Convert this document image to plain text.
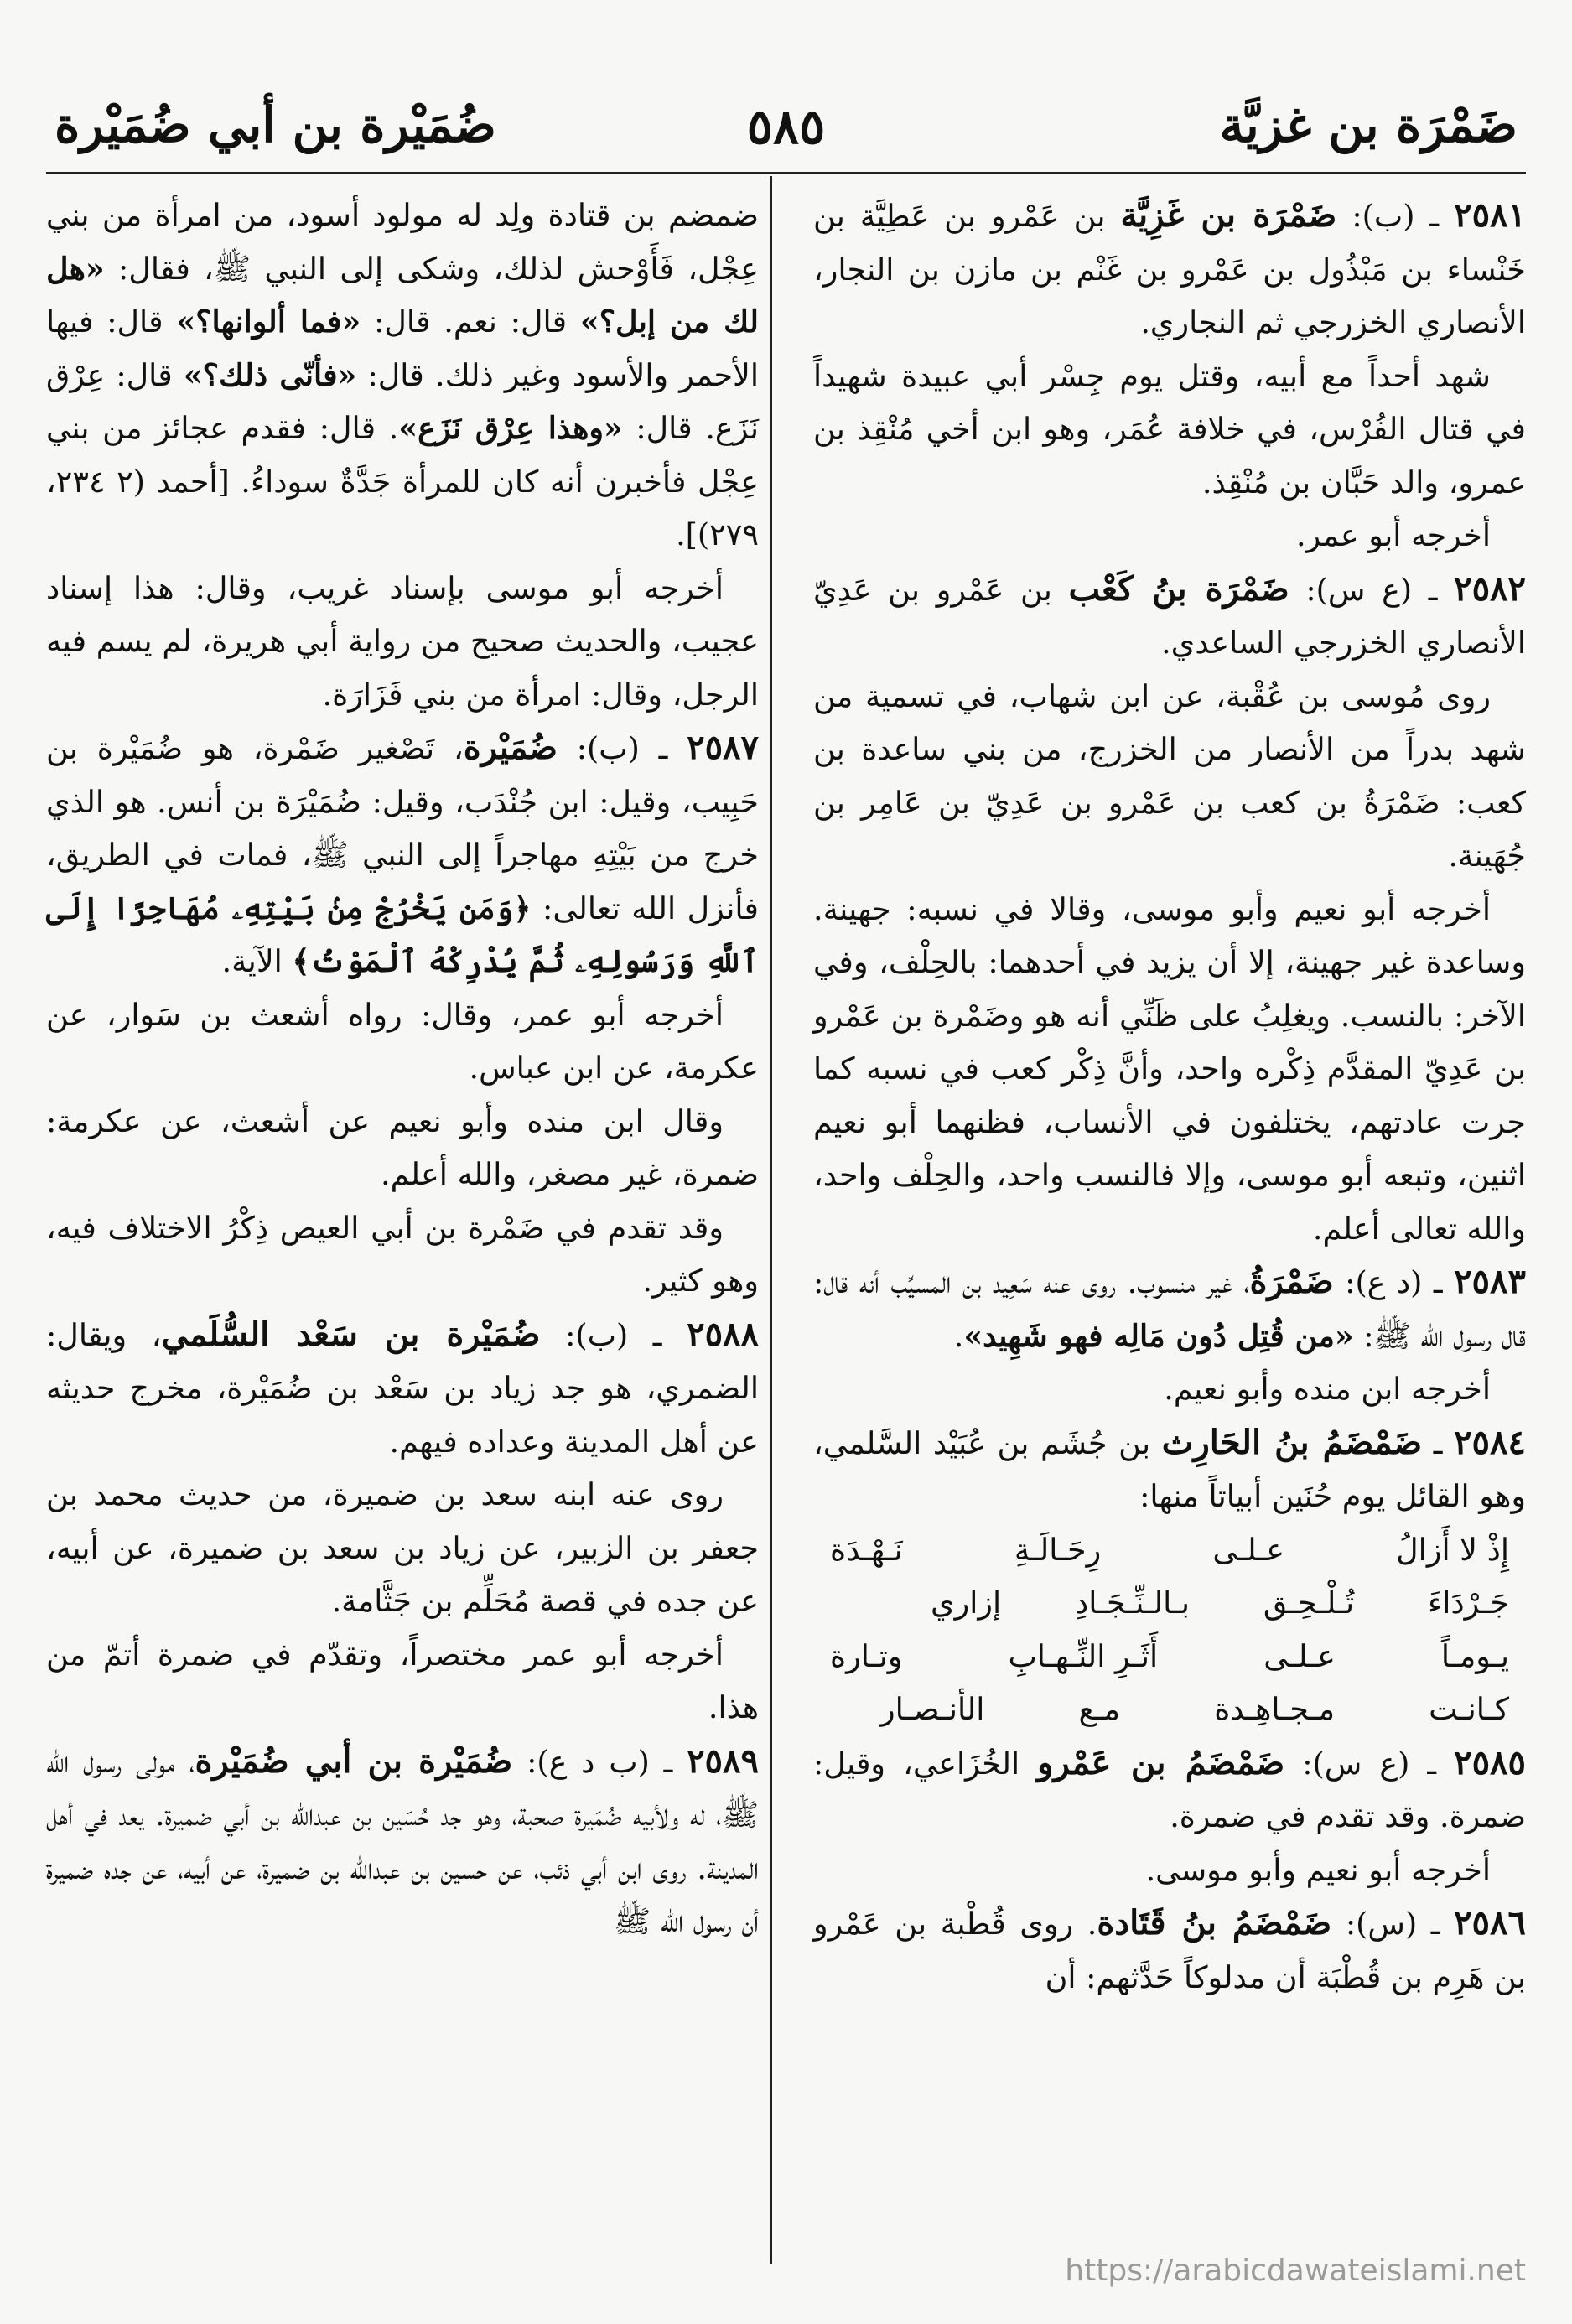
ضَمْرَة بن غزيَّة
٥٨٥
ضُمَيْرة بن أبي ضُمَيْرة

٢٥٨١ ـ (ب): ضَمْرَة بن غَزِيَّة بن عَمْرو بن عَطِيَّة بن خَنْساء بن مَبْذُول بن عَمْرو بن غَنْم بن مازن بن النجار، الأنصاري الخزرجي ثم النجاري.

شهد أحداً مع أبيه، وقتل يوم جِسْر أبي عبيدة شهيداً في قتال الفُرْس، في خلافة عُمَر، وهو ابن أخي مُنْقِذ بن عمرو، والد حَبَّان بن مُنْقِذ.

أخرجه أبو عمر.

٢٥٨٢ ـ (ع س): ضَمْرَة بنُ كَعْب بن عَمْرو بن عَدِيّ الأنصاري الخزرجي الساعدي.

روى مُوسى بن عُقْبة، عن ابن شهاب، في تسمية من شهد بدراً من الأنصار من الخزرج، من بني ساعدة بن كعب: ضَمْرَةُ بن كعب بن عَمْرو بن عَدِيّ بن عَامِر بن جُهَينة.

أخرجه أبو نعيم وأبو موسى، وقالا في نسبه: جهينة. وساعدة غير جهينة، إلا أن يزيد في أحدهما: بالحِلْف، وفي الآخر: بالنسب. ويغلِبُ على ظَنِّي أنه هو وضَمْرة بن عَمْرو بن عَدِيّ المقدَّم ذِكْره واحد، وأنَّ ذِكْر كعب في نسبه كما جرت عادتهم، يختلفون في الأنساب، فظنهما أبو نعيم اثنين، وتبعه أبو موسى، وإلا فالنسب واحد، والحِلْف واحد، والله تعالى أعلم.

٢٥٨٣ ـ (د ع): ضَمْرَةُ، غير منسوب. روى عنه سَعِيد بن المسيِّب أنه قال: قال رسول الله ﷺ: «من قُتِل دُون مَالِه فهو شَهِيد».

أخرجه ابن منده وأبو نعيم.

٢٥٨٤ ـ ضَمْضَمُ بنُ الحَارِث بن جُشَم بن عُبَيْد السَّلمي، وهو القائل يوم حُنَين أبياتاً منها:

إِذْ لا أَزالُ
عـلـى
رِحَـالَـةِ
نَـهْـدَة
جَـرْدَاءَ
تُـلْـحِـق
بـالـنِّـجَـادِ
إزاري
يـومـاً
عـلـى
أَثَـرِ النِّـهـابِ
وتـارة
كـانـت
مـجـاهِـدة
مـع
الأنـصـار

٢٥٨٥ ـ (ع س): ضَمْضَمُ بن عَمْرو الخُزَاعي، وقيل: ضمرة. وقد تقدم في ضمرة.

أخرجه أبو نعيم وأبو موسى.

٢٥٨٦ ـ (س): ضَمْضَمُ بنُ قَتَادة. روى قُطْبة بن عَمْرو بن هَرِم بن قُطْبَة أن مدلوكاً حَدَّثهم: أن

ضمضم بن قتادة ولِد له مولود أسود، من امرأة من بني عِجْل، فَأَوْحش لذلك، وشكى إلى النبي ﷺ، فقال: «هل لك من إبل؟» قال: نعم. قال: «فما ألوانها؟» قال: فيها الأحمر والأسود وغير ذلك. قال: «فأنّى ذلك؟» قال: عِرْق نَزَع. قال: «وهذا عِرْق نَزَع». قال: فقدم عجائز من بني عِجْل فأخبرن أنه كان للمرأة جَدَّةٌ سوداءُ. [أحمد (٢ ٢٣٤، ٢٧٩)].

أخرجه أبو موسى بإسناد غريب، وقال: هذا إسناد عجيب، والحديث صحيح من رواية أبي هريرة، لم يسم فيه الرجل، وقال: امرأة من بني فَزَارَة.

٢٥٨٧ ـ (ب): ضُمَيْرة، تَصْغير ضَمْرة، هو ضُمَيْرة بن حَبِيب، وقيل: ابن جُنْدَب، وقيل: ضُمَيْرَة بن أنس. هو الذي خرج من بَيْتِهِ مهاجراً إلى النبي ﷺ، فمات في الطريق، فأنزل الله تعالى: ﴿وَمَن يَخْرُجْ مِنۢ بَيْتِهِۦ مُهَاجِرًا إِلَى ٱللَّهِ وَرَسُولِهِۦ ثُمَّ يُدْرِكْهُ ٱلْمَوْتُ﴾ الآية.

أخرجه أبو عمر، وقال: رواه أشعث بن سَوار، عن عكرمة، عن ابن عباس.

وقال ابن منده وأبو نعيم عن أشعث، عن عكرمة: ضمرة، غير مصغر، والله أعلم.

وقد تقدم في ضَمْرة بن أبي العيص ذِكْرُ الاختلاف فيه، وهو كثير.

٢٥٨٨ ـ (ب): ضُمَيْرة بن سَعْد السُّلَمي، ويقال: الضمري، هو جد زياد بن سَعْد بن ضُمَيْرة، مخرج حديثه عن أهل المدينة وعداده فيهم.

روى عنه ابنه سعد بن ضميرة، من حديث محمد بن جعفر بن الزبير، عن زياد بن سعد بن ضميرة، عن أبيه، عن جده في قصة مُحَلِّم بن جَثَّامة.

أخرجه أبو عمر مختصراً، وتقدّم في ضمرة أتمّ من هذا.

٢٥٨٩ ـ (ب د ع): ضُمَيْرة بن أبي ضُمَيْرة، مولى رسول الله ﷺ، له ولأبيه ضُمَيرة صحبة، وهو جد حُسَين بن عبدالله بن أبي ضميرة. يعد في أهل المدينة. روى ابن أبي ذئب، عن حسين بن عبدالله بن ضميرة، عن أبيه، عن جده ضميرة أن رسول الله ﷺ

https://arabicdawateislami.net
